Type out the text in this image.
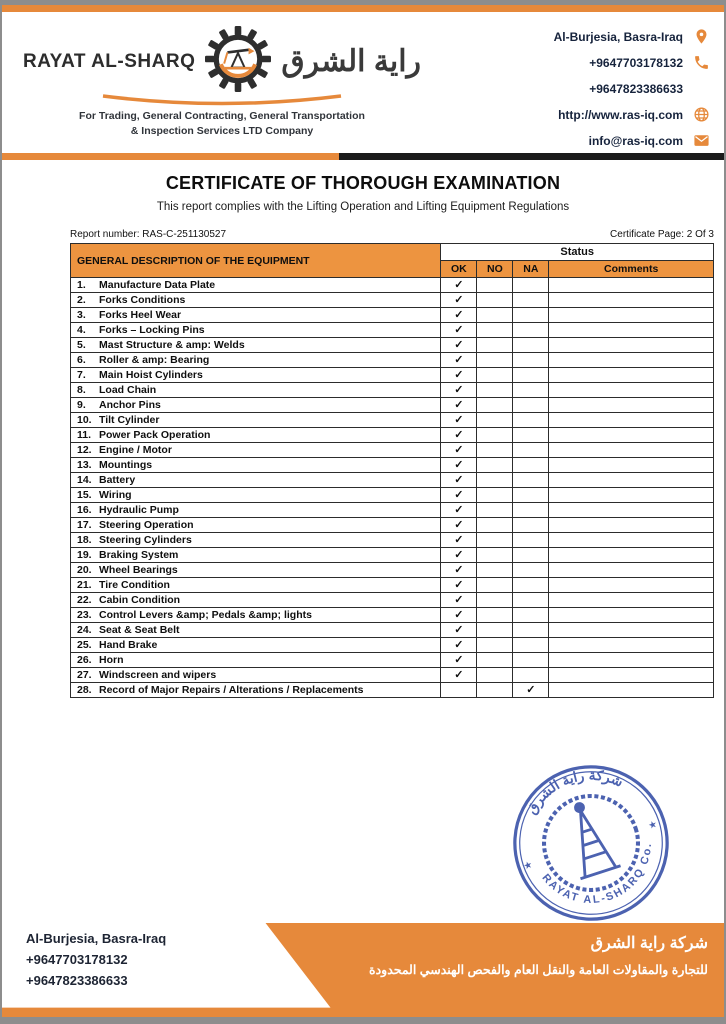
RAYAT AL-SHARQ	راية الشرق
For Trading, General Contracting, General Transportation
& Inspection Services LTD Company
Al-Burjesia, Basra-Iraq
+9647703178132
+9647823386633
http://www.ras-iq.com
info@ras-iq.com
CERTIFICATE OF THOROUGH EXAMINATION
This report complies with the Lifting Operation and Lifting Equipment Regulations
Report number: RAS-C-251130527	Certificate Page: 2 Of 3
GENERAL DESCRIPTION OF THE EQUIPMENT	Status			
	OK	NO	NA	Comments
1. Manufacture Data Plate	✓			
2. Forks Conditions	✓			
3. Forks Heel Wear	✓			
4. Forks – Locking Pins	✓			
5. Mast Structure & amp: Welds	✓			
6. Roller & amp: Bearing	✓			
7. Main Hoist Cylinders	✓			
8. Load Chain	✓			
9. Anchor Pins	✓			
10. Tilt Cylinder	✓			
11. Power Pack Operation	✓			
12. Engine / Motor	✓			
13. Mountings	✓			
14. Battery	✓			
15. Wiring	✓			
16. Hydraulic Pump	✓			
17. Steering Operation	✓			
18. Steering Cylinders	✓			
19. Braking System	✓			
20. Wheel Bearings	✓			
21. Tire Condition	✓			
22. Cabin Condition	✓			
23. Control Levers &amp; Pedals &amp; lights	✓			
24. Seat & Seat Belt	✓			
25. Hand Brake	✓			
26. Horn	✓			
27. Windscreen and wipers	✓			
28. Record of Major Repairs / Alterations / Replacements			✓	
شركة راية الشرق
RAYAT AL-SHARQ Co.
★
★
Al-Burjesia, Basra-Iraq
+9647703178132
+9647823386633
شركة راية الشرق
للتجارة والمقاولات العامة والنقل العام والفحص الهندسي المحدودة
